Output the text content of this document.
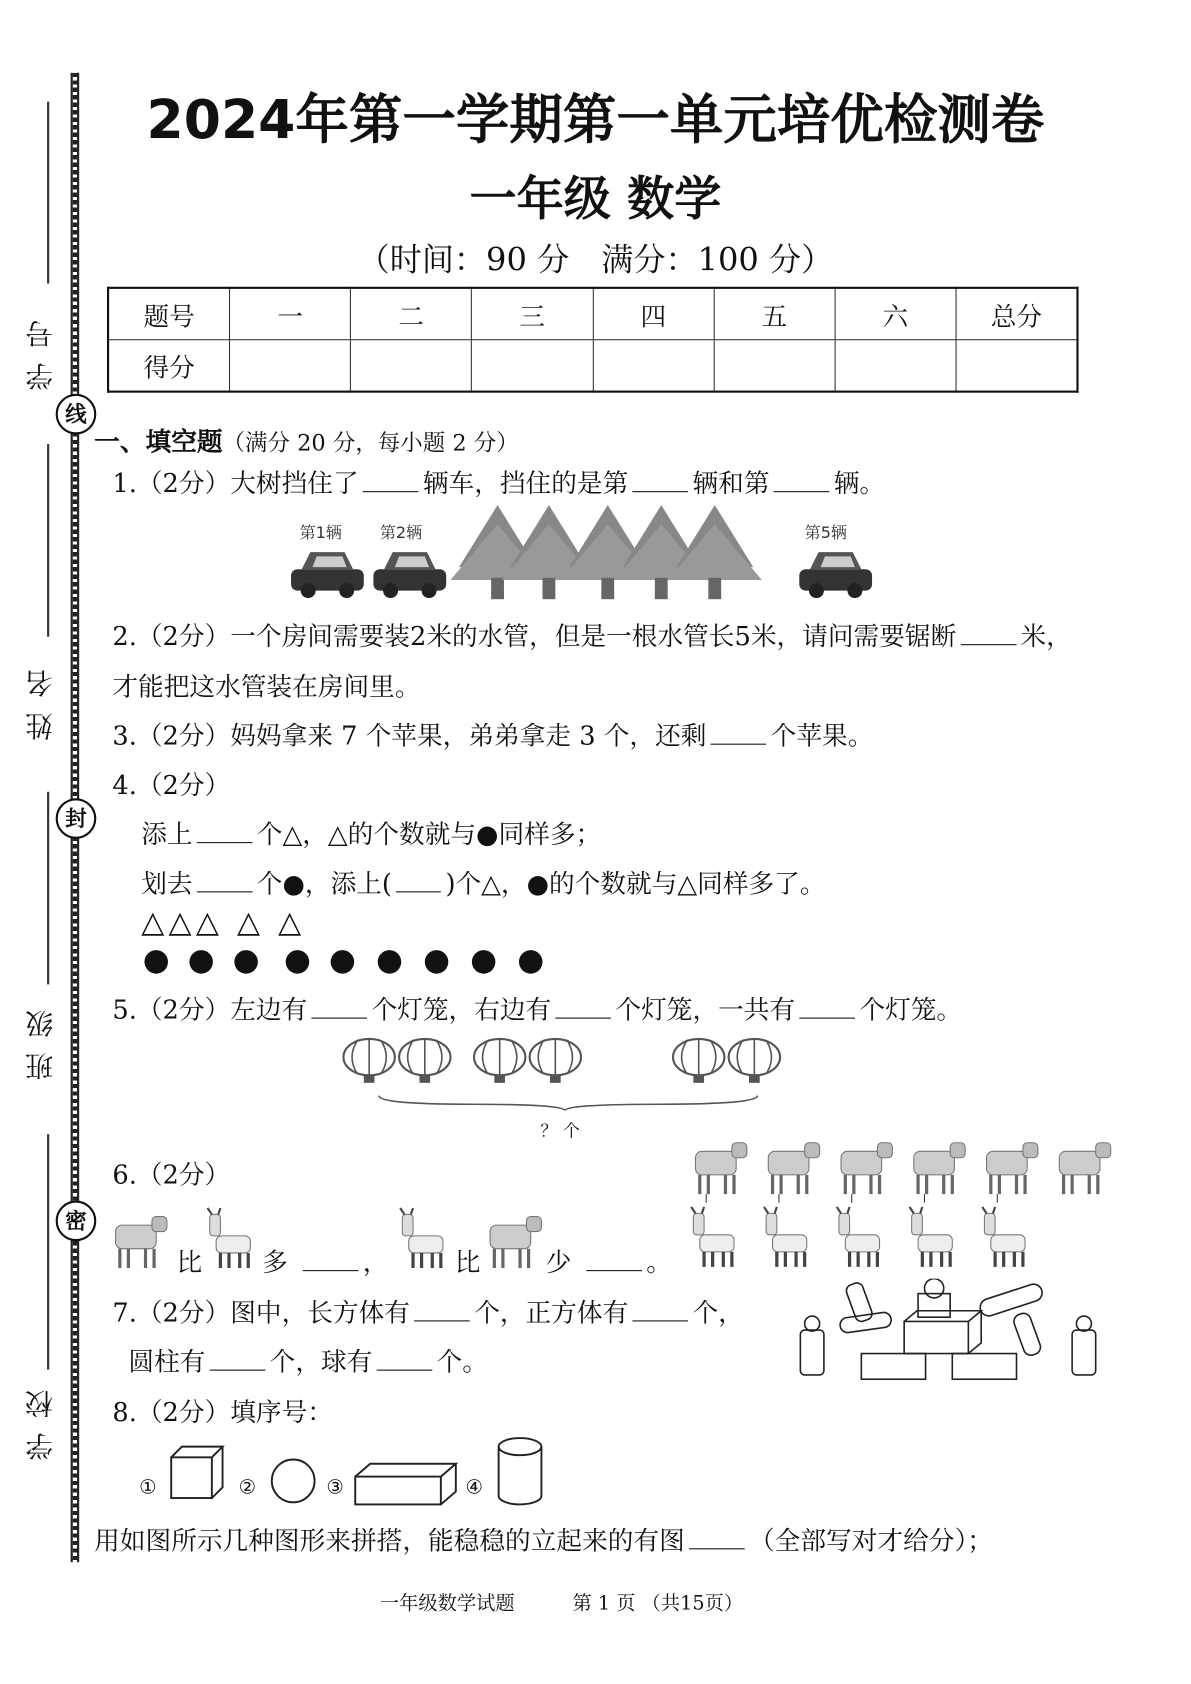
学号
线
姓名
封
班级
密
学校
2024年第一学期第一单元培优检测卷
一年级 数学
（时间：90 分　满分：100 分）
题号	一	二	三	四	五	六	总分
得分							
一、填空题（满分 20 分，每小题 2 分）
1.（2分）大树挡住了	辆车，挡住的是第	辆和第	辆。
第1辆	第2辆	第5辆
2.（2分）一个房间需要装2米的水管，但是一根水管长5米，请问需要锯断	米，
才能把这水管装在房间里。
3.（2分）妈妈拿来 7 个苹果，弟弟拿走 3 个，还剩	个苹果。
4.（2分）
添上	个△，△的个数就与●同样多；
划去	个●，添上( )个△，●的个数就与△同样多了。
△△△ △ △
5.（2分）左边有	个灯笼，右边有	个灯笼，一共有	个灯笼。
？ 个
6.（2分）
比 多	，	比	少	。
7.（2分）图中，长方体有	个，正方体有	个，
圆柱有	个，球有	个。
8.（2分）填序号：
①	②	③	④
用如图所示几种图形来拼搭，能稳稳的立起来的有图	（全部写对才给分）；
一年级数学试题　　　第 1 页 （共15页）
